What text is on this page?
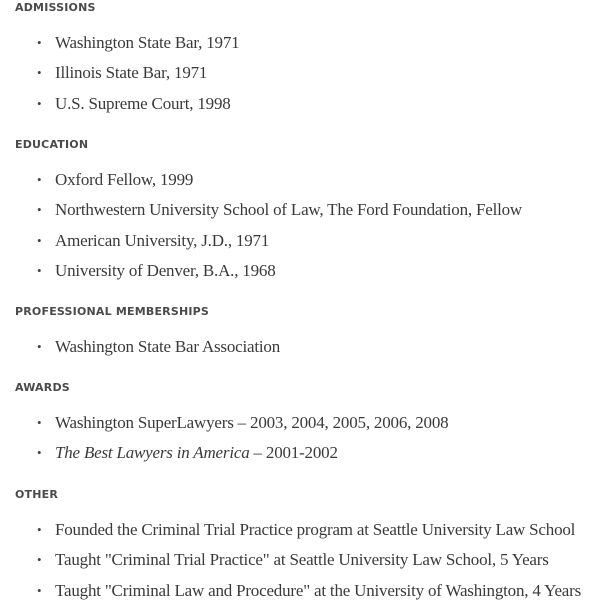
ADMISSIONS
• Washington State Bar, 1971
• Illinois State Bar, 1971
• U.S. Supreme Court, 1998
EDUCATION
• Oxford Fellow, 1999
• Northwestern University School of Law, The Ford Foundation, Fellow
• American University, J.D., 1971
• University of Denver, B.A., 1968
PROFESSIONAL MEMBERSHIPS
• Washington State Bar Association
AWARDS
• Washington SuperLawyers – 2003, 2004, 2005, 2006, 2008
• The Best Lawyers in America – 2001-2002
OTHER
• Founded the Criminal Trial Practice program at Seattle University Law School
• Taught "Criminal Trial Practice" at Seattle University Law School, 5 Years
• Taught "Criminal Law and Procedure" at the University of Washington, 4 Years
